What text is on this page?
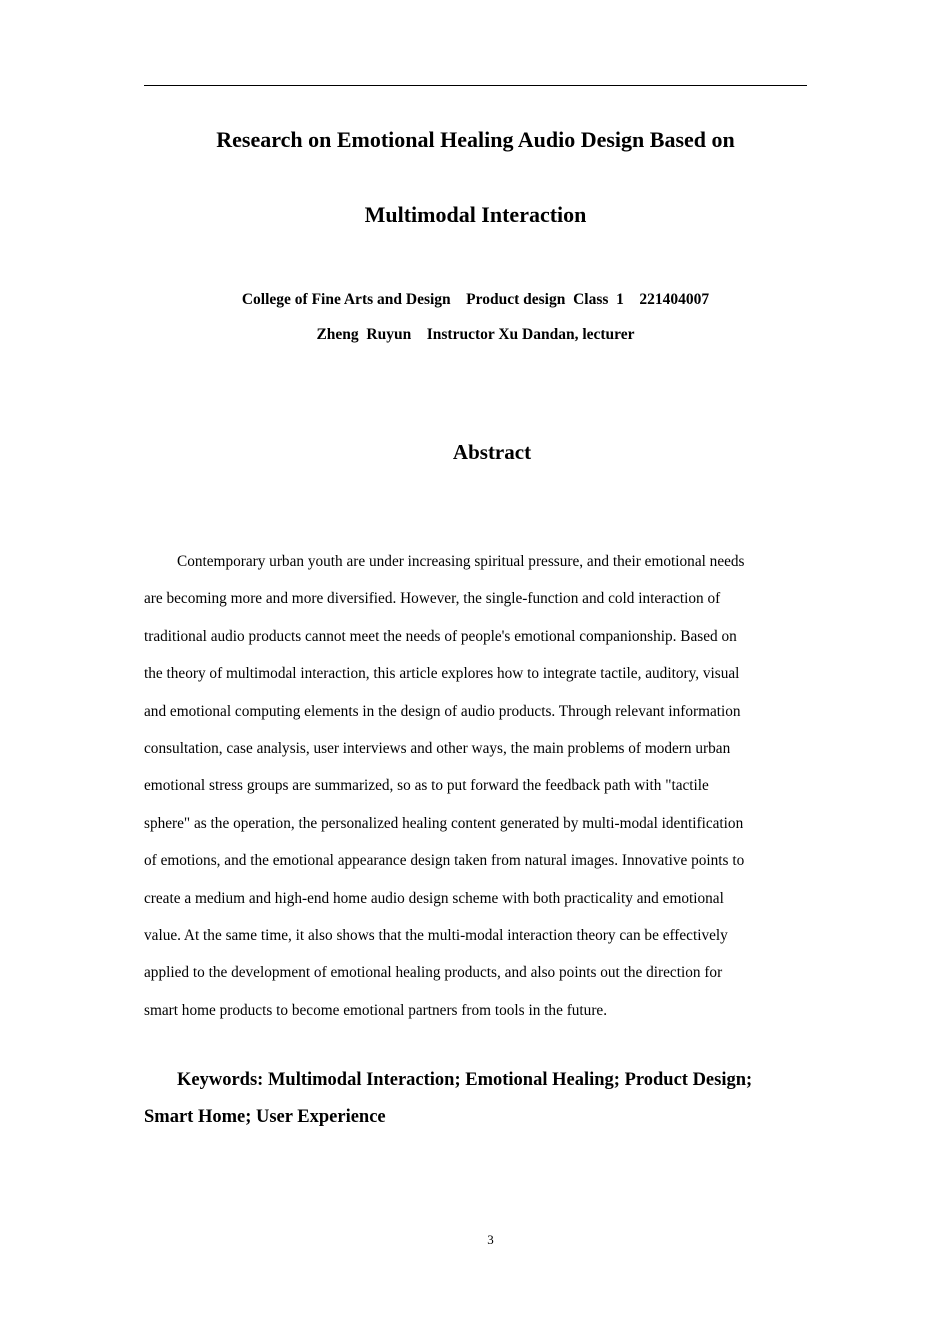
Research on Emotional Healing Audio Design Based on
Multimodal Interaction
College of Fine Arts and Design    Product design  Class  1    221404007
Zheng  Ruyun    Instructor Xu Dandan, lecturer
Abstract
Contemporary urban youth are under increasing spiritual pressure, and their emotional needs
are becoming more and more diversified. However, the single-function and cold interaction of
traditional audio products cannot meet the needs of people's emotional companionship. Based on
the theory of multimodal interaction, this article explores how to integrate tactile, auditory, visual
and emotional computing elements in the design of audio products. Through relevant information
consultation, case analysis, user interviews and other ways, the main problems of modern urban
emotional stress groups are summarized, so as to put forward the feedback path with "tactile
sphere" as the operation, the personalized healing content generated by multi-modal identification
of emotions, and the emotional appearance design taken from natural images. Innovative points to
create a medium and high-end home audio design scheme with both practicality and emotional
value. At the same time, it also shows that the multi-modal interaction theory can be effectively
applied to the development of emotional healing products, and also points out the direction for
smart home products to become emotional partners from tools in the future.
Keywords: Multimodal Interaction; Emotional Healing; Product Design;
Smart Home; User Experience
3
